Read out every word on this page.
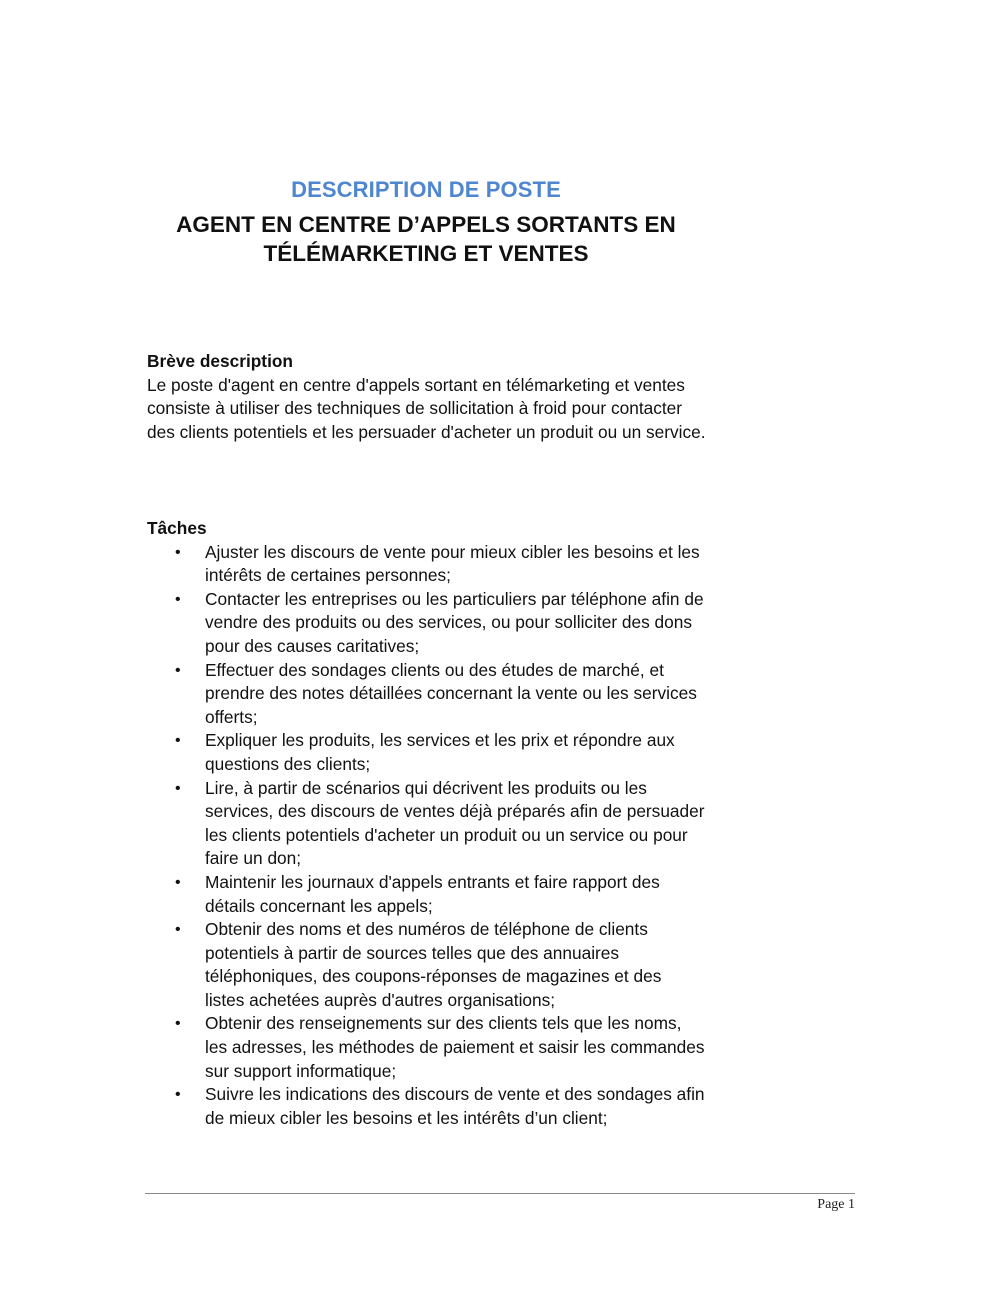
DESCRIPTION DE POSTE
AGENT EN CENTRE D’APPELS SORTANTS EN
TÉLÉMARKETING ET VENTES
Brève description

Le poste d'agent en centre d'appels sortant en télémarketing et ventes consiste à utiliser des techniques de sollicitation à froid pour contacter des clients potentiels et les persuader d'acheter un produit ou un service.

Tâches
• Ajuster les discours de vente pour mieux cibler les besoins et les intérêts de certaines personnes;
• Contacter les entreprises ou les particuliers par téléphone afin de vendre des produits ou des services, ou pour solliciter des dons pour des causes caritatives;
• Effectuer des sondages clients ou des études de marché, et prendre des notes détaillées concernant la vente ou les services offerts;
• Expliquer les produits, les services et les prix et répondre aux questions des clients;
• Lire, à partir de scénarios qui décrivent les produits ou les services, des discours de ventes déjà préparés afin de persuader les clients potentiels d'acheter un produit ou un service ou pour faire un don;
• Maintenir les journaux d'appels entrants et faire rapport des détails concernant les appels;
• Obtenir des noms et des numéros de téléphone de clients potentiels à partir de sources telles que des annuaires téléphoniques, des coupons-réponses de magazines et des listes achetées auprès d'autres organisations;
• Obtenir des renseignements sur des clients tels que les noms, les adresses, les méthodes de paiement et saisir les commandes sur support informatique;
• Suivre les indications des discours de vente et des sondages afin de mieux cibler les besoins et les intérêts d’un client;
Page 1
